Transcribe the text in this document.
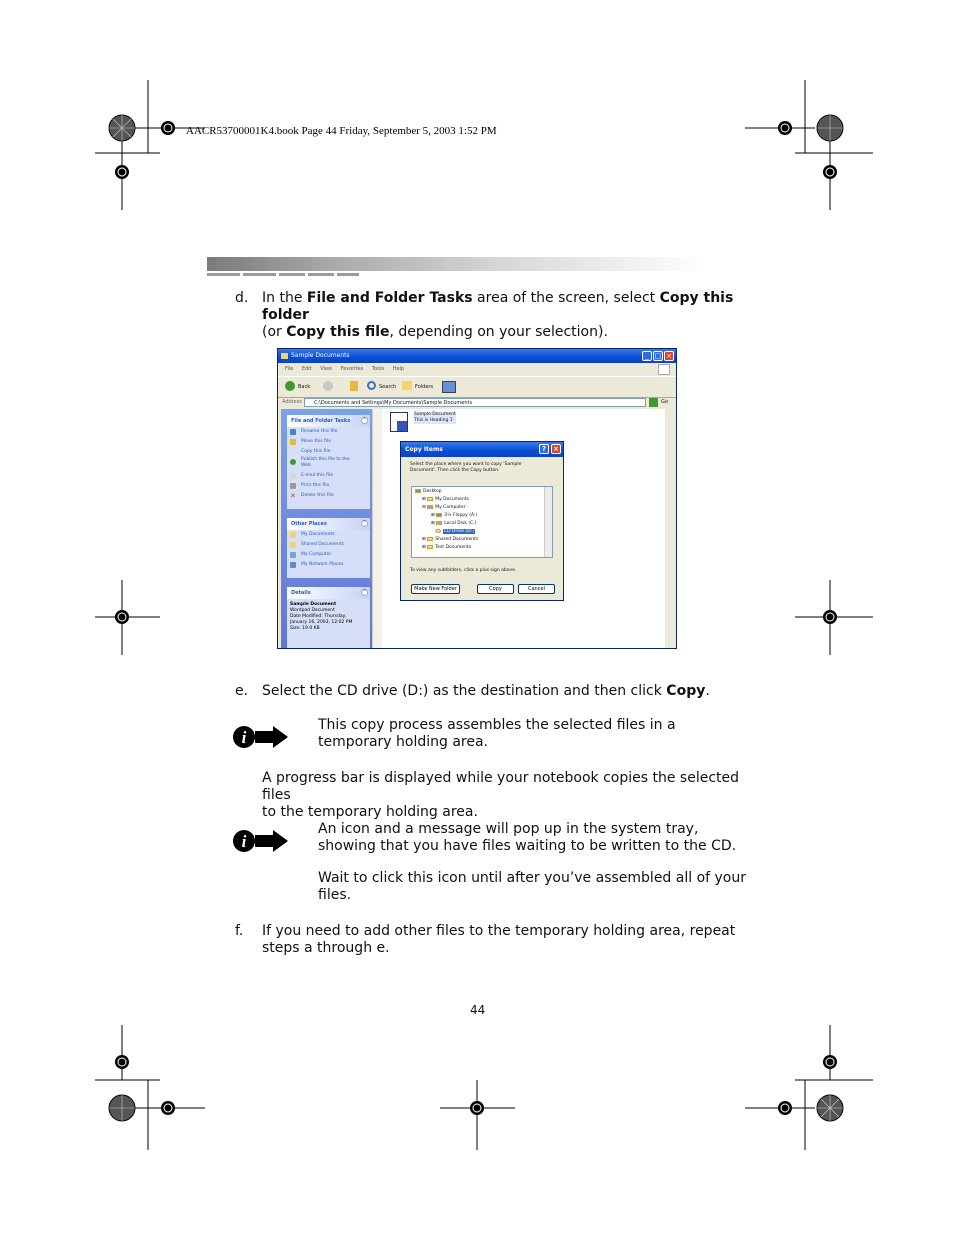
AACR53700001K4.book Page 44 Friday, September 5, 2003 1:52 PM
d. In the File and Folder Tasks area of the screen, select Copy this folder
(or Copy this file, depending on your selection).
Sample Documents	_ □ ×
File Edit View Favorites Tools Help
Back	Search	Folders
Address	C:\Documents and Settings\My Documents\Sample Documents	Go
File and Folder Tasks ^
Rename this file
Move this file
Copy this file
Publish this file to the
Web
E-mail this file
Print this file
✕ Delete this file
Other Places	^
My Documents
Shared Documents
My Computer
My Network Places
Details	^
Sample Document
Wordpad Document
Date Modified: Thursday,
January 16, 2003, 12:02 PM
Size: 19.0 KB
Sample Document
This is Heading 1
Copy Items	?	×
Select the place where you want to copy 'Sample
Document'. Then click the Copy button.
Desktop
⊞ My Documents
⊟ My Computer
⊞ 3½ Floppy (A:)
⊞ Local Disk (C:)
CD Drive (D:)
⊞ Shared Documents
⊞ Test Documents
To view any subfolders, click a plus sign above.
Make New Folder	Copy	Cancel
e. Select the CD drive (D:) as the destination and then click Copy.
i
This copy process assembles the selected files in a
temporary holding area.
A progress bar is displayed while your notebook copies the selected files
to the temporary holding area.
i
An icon and a message will pop up in the system tray,
showing that you have files waiting to be written to the CD.
Wait to click this icon until after you’ve assembled all of your
files.
f. If you need to add other files to the temporary holding area, repeat
steps a through e.
44
